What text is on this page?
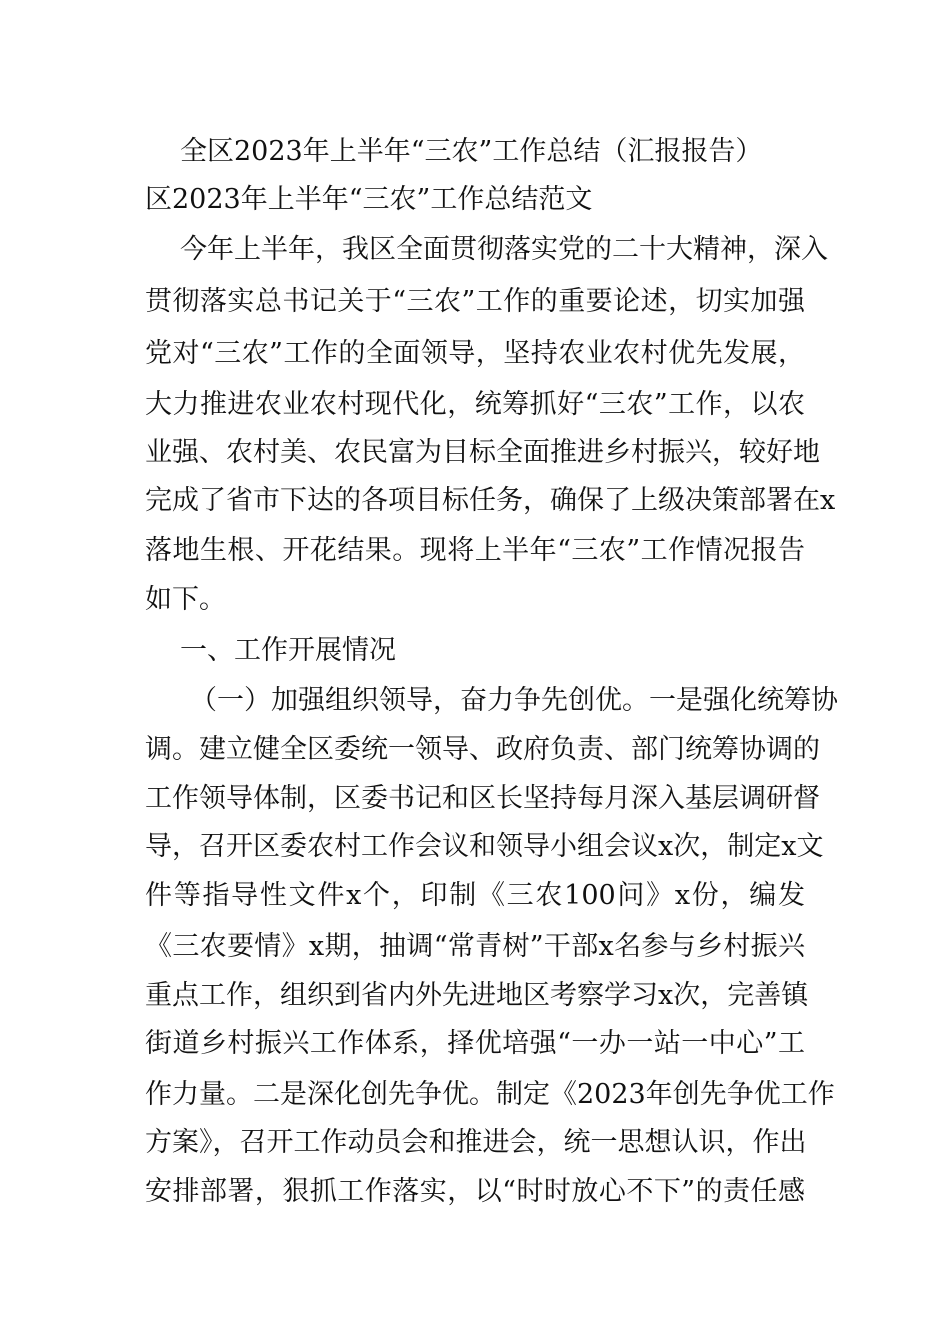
全区2023年上半年“三农”工作总结（汇报报告）
区2023年上半年“三农”工作总结范文
今年上半年，我区全面贯彻落实党的二十大精神，深入
贯彻落实总书记关于“三农”工作的重要论述，切实加强
党对“三农”工作的全面领导，坚持农业农村优先发展，
大力推进农业农村现代化，统筹抓好“三农”工作，以农
业强、农村美、农民富为目标全面推进乡村振兴，较好地
完成了省市下达的各项目标任务，确保了上级决策部署在x
落地生根、开花结果。现将上半年“三农”工作情况报告
如下。
一、工作开展情况
（一）加强组织领导，奋力争先创优。一是强化统筹协
调。建立健全区委统一领导、政府负责、部门统筹协调的
工作领导体制，区委书记和区长坚持每月深入基层调研督
导，召开区委农村工作会议和领导小组会议x次，制定x文
件等指导性文件x个，印制《三农100问》x份，编发
《三农要情》x期，抽调“常青树”干部x名参与乡村振兴
重点工作，组织到省内外先进地区考察学习x次，完善镇
街道乡村振兴工作体系，择优培强“一办一站一中心”工
作力量。二是深化创先争优。制定《2023年创先争优工作
方案》，召开工作动员会和推进会，统一思想认识，作出
安排部署，狠抓工作落实，以“时时放心不下”的责任感
